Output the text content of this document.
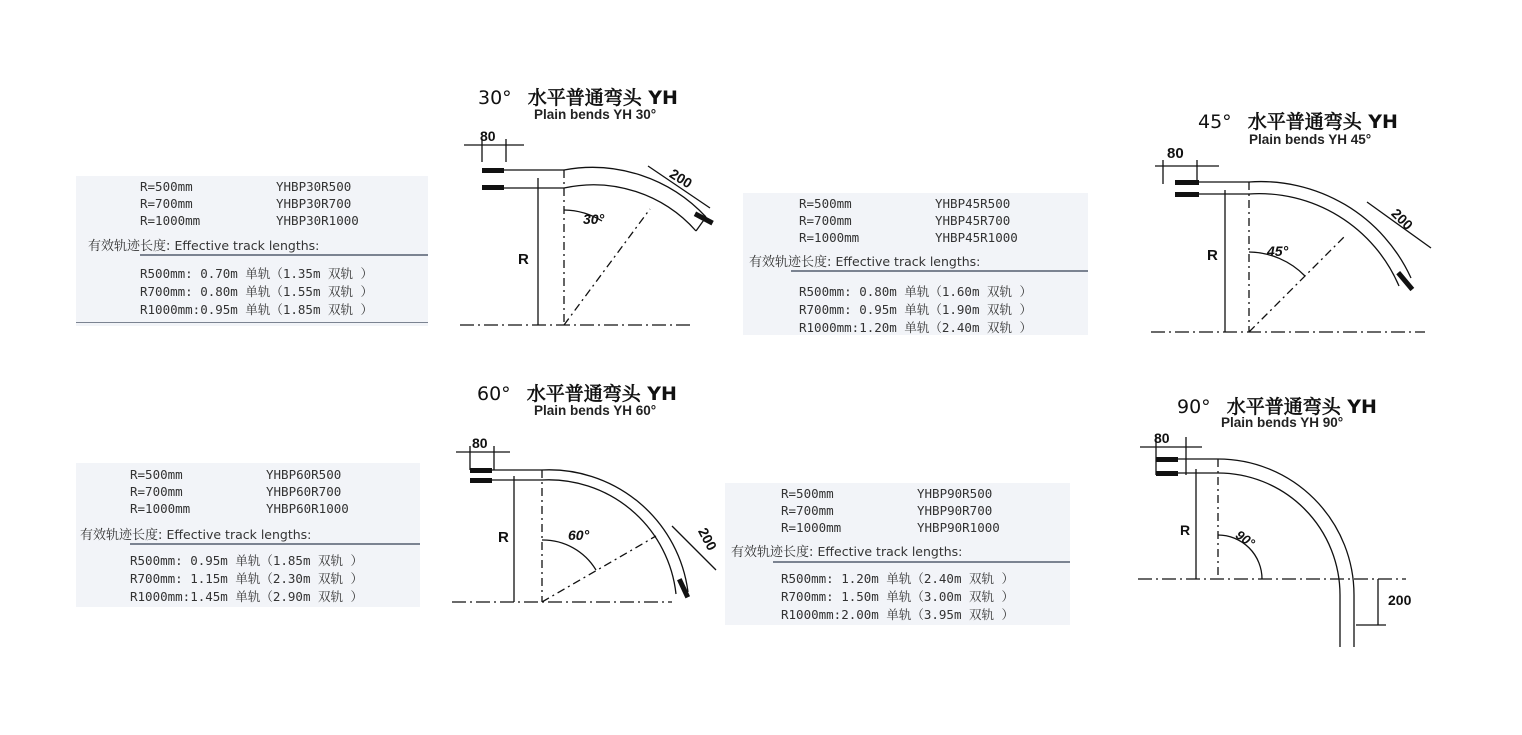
R=500mm	YHBP30R500
R=700mm	YHBP30R700
R=1000mm	YHBP30R1000
有效轨迹长度: Effective track lengths:
R500mm: 0.70m 单轨（1.35m 双轨 ）
R700mm: 0.80m 单轨（1.55m 双轨 ）
R1000mm:0.95m 单轨（1.85m 双轨 ）
R=500mm	YHBP45R500
R=700mm	YHBP45R700
R=1000mm	YHBP45R1000
有效轨迹长度: Effective track lengths:
R500mm: 0.80m 单轨（1.60m 双轨 ）
R700mm: 0.95m 单轨（1.90m 双轨 ）
R1000mm:1.20m 单轨（2.40m 双轨 ）
R=500mm	YHBP60R500
R=700mm	YHBP60R700
R=1000mm	YHBP60R1000
有效轨迹长度: Effective track lengths:
R500mm: 0.95m 单轨（1.85m 双轨 ）
R700mm: 1.15m 单轨（2.30m 双轨 ）
R1000mm:1.45m 单轨（2.90m 双轨 ）
R=500mm	YHBP90R500
R=700mm	YHBP90R700
R=1000mm	YHBP90R1000
有效轨迹长度: Effective track lengths:
R500mm: 1.20m 单轨（2.40m 双轨 ）
R700mm: 1.50m 单轨（3.00m 双轨 ）
R1000mm:2.00m 单轨（3.95m 双轨 ）
30° 水平普通弯头 YH
Plain bends YH 30°	45° 水平普通弯头 YH
Plain bends YH 45°
60° 水平普通弯头 YH
Plain bends YH 60°	90° 水平普通弯头 YH
Plain bends YH 90°
80
R
30°
200
80
R	45°
200
80
R	60°	200
80
R	90°
200
